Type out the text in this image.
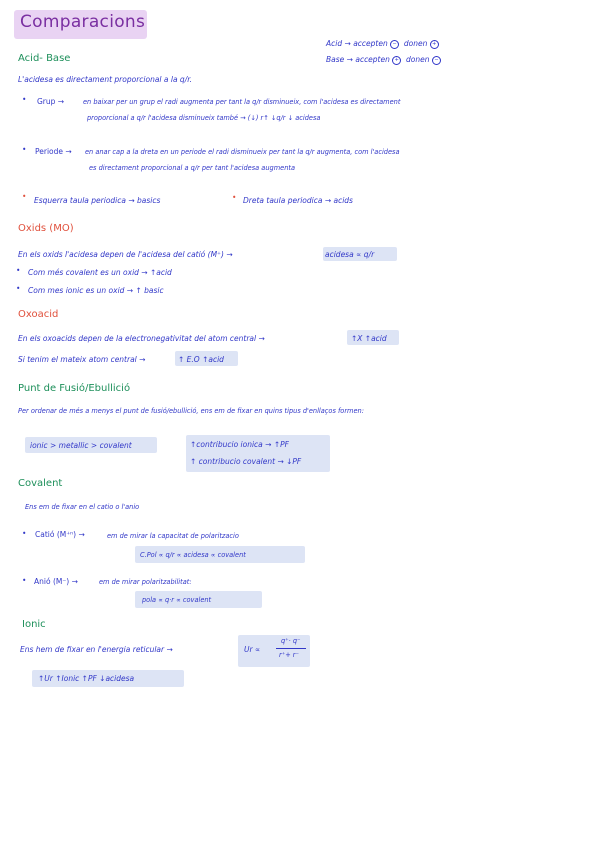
Comparacions
Acid → accepten − donen +
Base → accepten + donen −
Acid- Base
L'acidesa es directament proporcional a la q/r.
• Grup →	en baixar per un grup el radi augmenta per tant la q/r disminueix, com l'acidesa es directament
proporcional a q/r l'acidesa disminueix també → (↓) r↑ ↓q/r ↓ acidesa
• Periode → en anar cap a la dreta en un periode el radi disminueix per tant la q/r augmenta, com l'acidesa
es directament proporcional a q/r per tant l'acidesa augmenta
• Esquerra taula periodica → basics	• Dreta taula periodica → acids
Oxids (MO)
En els oxids l'acidesa depen de l'acidesa del catió (M⁺) →	acidesa ∝ q/r
• Com més covalent es un oxid → ↑acid
• Com mes ionic es un oxid → ↑ basic
Oxoacid
En els oxoacids depen de la electronegativitat del atom central →	↑X ↑acid
Si tenim el mateix atom central →	↑ E.O ↑acid
Punt de Fusió/Ebullició
Per ordenar de més a menys el punt de fusió/ebullició, ens em de fixar en quins tipus d'enllaços formen:
ionic > metallic > covalent	↑contribucio ionica → ↑PF
↑ contribucio covalent → ↓PF
Covalent
Ens em de fixar en el catio o l'anio
• Catió (M⁺ⁿ) →	em de mirar la capacitat de polaritzacio
C.Pol ∝ q/r ∝ acidesa ∝ covalent
• Anió (M⁻) →	em de mirar polaritzabilitat:
pola ∝ q·r ∝ covalent
Ionic
Ens hem de fixar en l'energia reticular →	Ur ∝
q⁺· q⁻
r⁺+ r⁻
↑Ur ↑Ionic ↑PF ↓acidesa
